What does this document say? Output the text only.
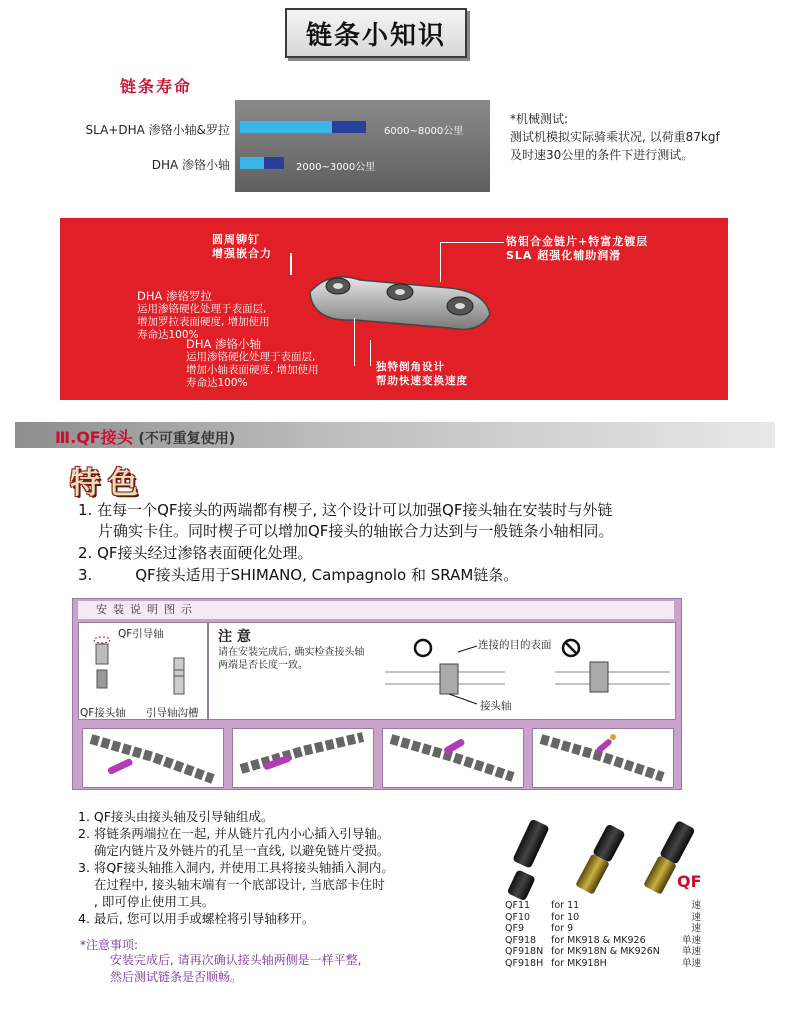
链条小知识
链条寿命
SLA+DHA 渗铬小轴&罗拉	6000~8000公里
DHA 渗铬小轴	2000~3000公里
*机械测试:
测试机模拟实际骑乘状况, 以荷重87kgf
及时速30公里的条件下进行测试。
圆周铆钉
增强嵌合力
铬钼合金链片+特富龙镀层
SLA 超强化辅助润滑
DHA 渗铬罗拉
运用渗铬硬化处理于表面层,
增加罗拉表面硬度, 增加使用
寿命达100%
DHA 渗铬小轴
运用渗铬硬化处理于表面层,
增加小轴表面硬度, 增加使用
寿命达100%
独特倒角设计
帮助快速变换速度
Ⅲ.QF接头 (不可重复使用)
特色
1. 在每一个QF接头的两端都有楔子, 这个设计可以加强QF接头轴在安装时与外链
片确实卡住。同时楔子可以增加QF接头的轴嵌合力达到与一般链条小轴相同。
2. QF接头经过渗铬表面硬化处理。
3.         QF接头适用于SHIMANO, Campagnolo 和 SRAM链条。
安装说明图示
QF引导轴
QF接头轴 引导轴沟槽
注 意
请在安装完成后, 确实检查接头轴
两端是否长度一致。
连接的目的表面
接头轴
1. QF接头由接头轴及引导轴组成。
2. 将链条两端拉在一起, 并从链片孔内小心插入引导轴。
确定内链片及外链片的孔呈一直线, 以避免链片受损。
3. 将QF接头轴推入洞内, 并使用工具将接头轴插入洞内。
在过程中, 接头轴末端有一个底部设计, 当底部卡住时
, 即可停止使用工具。
4. 最后, 您可以用手或螺栓将引导轴移开。
*注意事项:
安装完成后, 请再次确认接头轴两侧是一样平整,
然后测试链条是否顺畅。
QF
QF11	for 11	速
QF10	for 10	速
QF9	for 9	速
QF918	for MK918 & MK926	单速
QF918N for MK918N & MK926N	单速
QF918H for MK918H	单速
